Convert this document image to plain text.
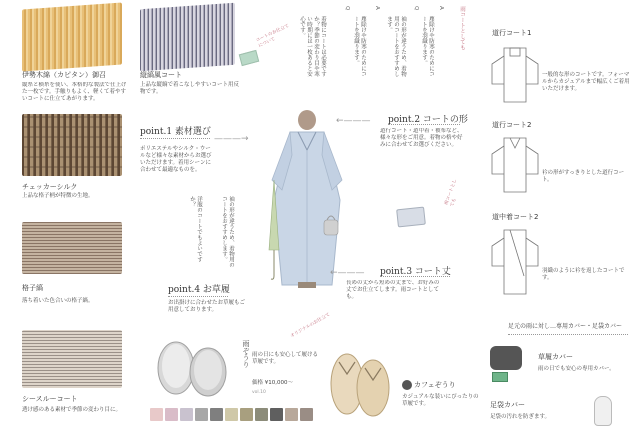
伊勢木綿（カピタン）御召
縦糸と横糸を使い、本格的な製法で仕上げた一枚です。手触りもよく、軽くて着やすいコートに仕立てあがります。
チェッカーシルク
上品な格子柄が特徴の生地。
格子縞
落ち着いた色合いの格子縞。
シースルーコート
透け感のある素材で季節の変わり目に。
縦縞風コート
上品な縦縞で着こなしやすいコート用反物です。
コートのお仕立てについて
point.1 素材選び
ポリエステルやシルク・ウールなど様々な素材からお選びいただけます。着用シーンに合わせて最適なものを。
———→
袖の形が違うため、着物用のコートをおすすめします。
洋服のコートでもよいですか？
point.4 お草履
お出掛けに合わせたお草履もご用意しております。
Q
着物にコートは必要ですか？季節の変わり目や寒い時期には一枚あると安心です。
A
塵除けや防寒のためにコートを羽織ります。
Q
袖の形が違うため、着物用のコートをおすすめします。
A
塵除けや防寒のためにコートを羽織ります。	雨コートとしても
←——— point.2 コートの形
道行コート・道中着・被布など、様々な形をご用意。着物の格や好みに合わせてお選びください。
雨コートとしても
←——— point.3 コート丈
長めの丈から短めの丈まで、お好みの丈でお仕立てします。雨コートとしても。
雨ぞうり 雨の日にも安心して履ける草履です。
価格 ¥10,000〜
vol.10
オリジナルのお仕立て
カフェぞうり
カジュアルな装いにぴったりの草履です。
道行コート1
一般的な形のコートです。フォーマルからカジュアルまで幅広くご着用いただけます。
道行コート2
衿の形がすっきりとした道行コート。
道中着コート2
羽織のように衿を返したコートです。
足元の雨に対し…専用カバー・足袋カバー
草履カバー
雨の日でも安心の専用カバー。
足袋カバー
足袋の汚れを防ぎます。
